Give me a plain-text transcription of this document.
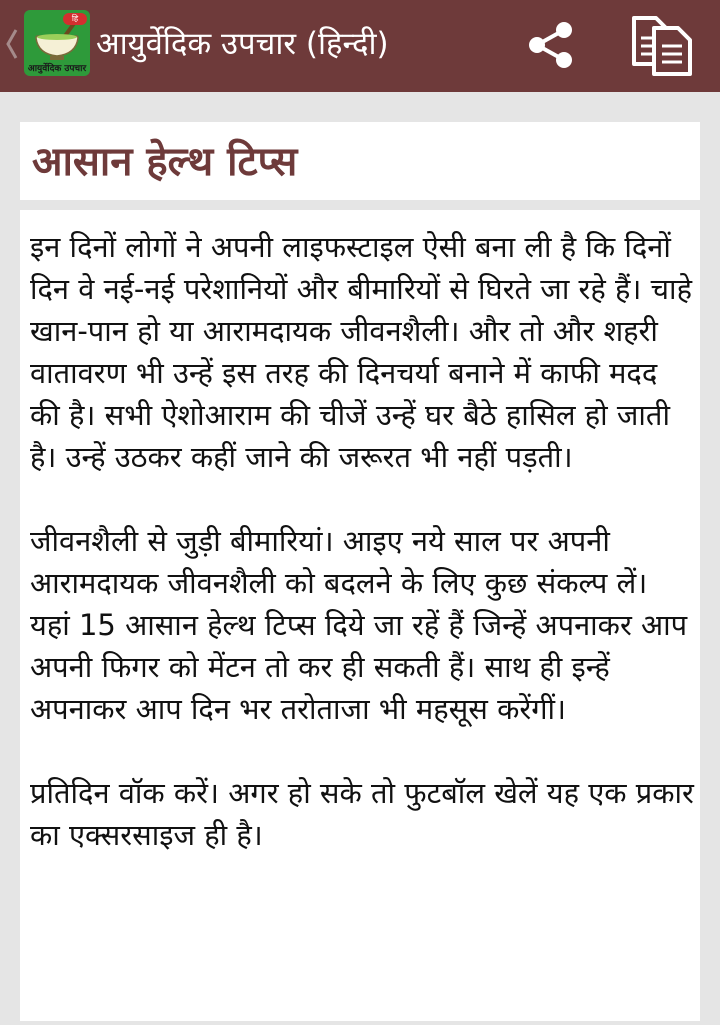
हि
आयुर्वेदिक उपचार
आयुर्वेदिक उपचार (हिन्दी)
आसान हेल्थ टिप्स

इन दिनों लोगों ने अपनी लाइफस्टाइल ऐसी बना ली है कि दिनों दिन वे नई-नई परेशानियों और बीमारियों से घिरते जा रहे हैं। चाहे खान-पान हो या आरामदायक जीवनशैली। और तो और शहरी वातावरण भी उन्हें इस तरह की दिनचर्या बनाने में काफी मदद की है। सभी ऐशोआराम की चीजें उन्हें घर बैठे हासिल हो जाती है। उन्हें उठकर कहीं जाने की जरूरत भी नहीं पड़ती।

जीवनशैली से जुड़ी बीमारियां। आइए नये साल पर अपनी आरामदायक जीवनशैली को बदलने के लिए कुछ संकल्प लें। यहां 15 आसान हेल्थ टिप्स दिये जा रहें हैं जिन्हें अपनाकर आप अपनी फिगर को मेंटन तो कर ही सकती हैं। साथ ही इन्हें अपनाकर आप दिन भर तरोताजा भी महसूस करेंगीं।

प्रतिदिन वॉक करें। अगर हो सके तो फुटबॉल खेलें यह एक प्रकार का एक्सरसाइज ही है।
